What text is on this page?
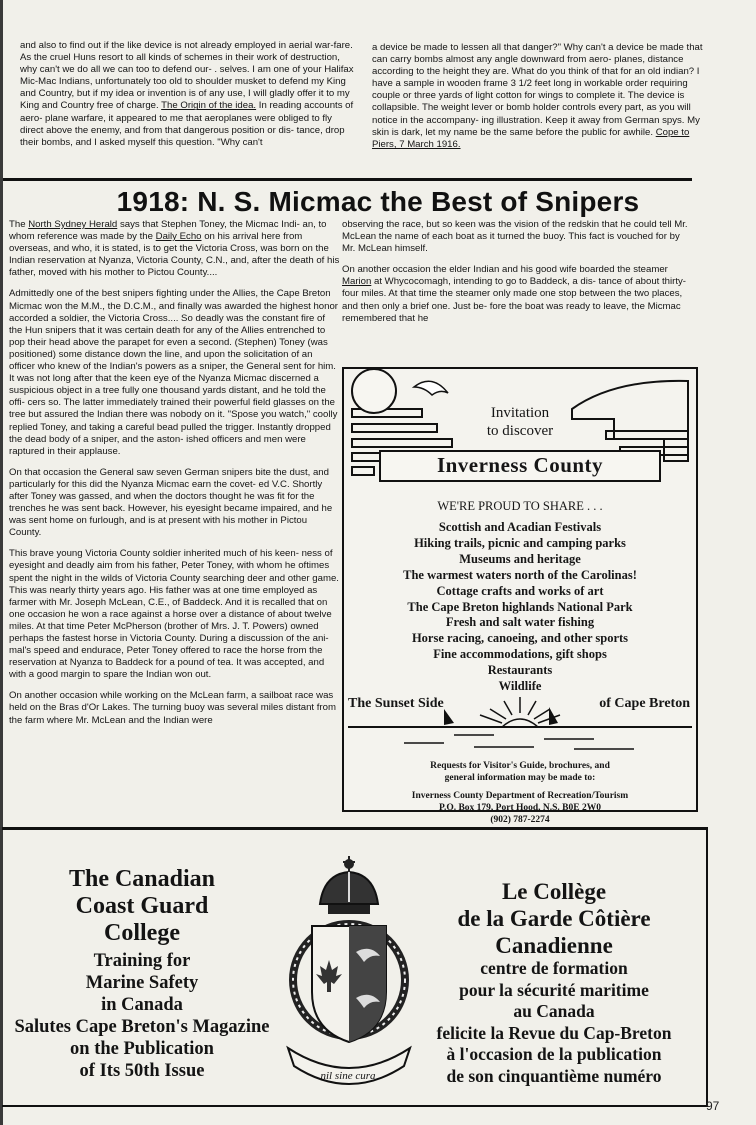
and also to find out if the like device is not already employed in aerial war-fare. As the cruel Huns resort to all kinds of schemes in their work of destruction, why can't we do all we can too to defend our- . selves. I am one of your Halifax Mic-Mac Indians, unfortunately too old to shoulder musket to defend my King and Country, but if my idea or invention is of any use, I will gladly offer it to my King and Country free of charge. The Origin of the idea. In reading accounts of aero- plane warfare, it appeared to me that aeroplanes were obliged to fly direct above the enemy, and from that dangerous position or dis- tance, drop their bombs, and I asked myself this question. "Why can't

a device be made to lessen all that danger?" Why can't a device be made that can carry bombs almost any angle downward from aero- planes, distance according to the height they are. What do you think of that for an old indian? I have a sample in wooden frame 3 1/2 feet long in workable order requiring couple or three yards of light cotton for wings to complete it. The device is collapsible. The weight lever or bomb holder controls every part, as you will notice in the accompany- ing illustration. Keep it away from German spys. My skin is dark, let my name be the same before the public for awhile. Cope to Piers, 7 March 1916.

1918: N. S. Micmac the Best of Snipers

The North Sydney Herald says that Stephen Toney, the Micmac Indi- an, to whom reference was made by the Daily Echo on his arrival here from overseas, and who, it is stated, is to get the Victoria Cross, was born on the Indian reservation at Nyanza, Victoria County, C.N., and, after the death of his father, moved with his mother to Pictou County....

Admittedly one of the best snipers fighting under the Allies, the Cape Breton Micmac won the M.M., the D.C.M., and finally was awarded the highest honor accorded a soldier, the Victoria Cross.... So deadly was the constant fire of the Hun snipers that it was certain death for any of the Allies entrenched to pop their head above the parapet for even a second. (Stephen) Toney (was positioned) some distance down the line, and upon the solicitation of an officer who knew of the Indian's powers as a sniper, the General sent for him. It was not long after that the keen eye of the Nyanza Micmac discerned a suspicious object in a tree fully one thousand yards distant, and he told the offi- cers so. The latter immediately trained their powerful field glasses on the tree but assured the Indian there was nobody on it. "Spose you watch," coolly replied Toney, and taking a careful bead pulled the trigger. Instantly dropped the dead body of a sniper, and the aston- ished officers and men were raptured in their applause.

On that occasion the General saw seven German snipers bite the dust, and particularly for this did the Nyanza Micmac earn the covet- ed V.C. Shortly after Toney was gassed, and when the doctors thought he was fit for the trenches he was sent back. However, his eyesight became impaired, and he was sent home on furlough, and is at present with his mother in Pictou County.

This brave young Victoria County soldier inherited much of his keen- ness of eyesight and deadly aim from his father, Peter Toney, with whom he oftimes spent the night in the wilds of Victoria County searching deer and other game. This was nearly thirty years ago. His father was at one time employed as farmer with Mr. Joseph McLean, C.E., of Baddeck. And it is recalled that on one occasion he won a race against a horse over a distance of about twelve miles. At that time Peter McPherson (brother of Mrs. J. T. Powers) owned perhaps the fastest horse in Victoria County. During a discussion of the ani- mal's speed and endurace, Peter Toney offered to race the horse from the reservation at Nyanza to Baddeck for a pound of tea. It was accepted, and with a good margin to spare the Indian won out.

On another occasion while working on the McLean farm, a sailboat race was held on the Bras d'Or Lakes. The turning buoy was several miles distant from the farm where Mr. McLean and the Indian were

observing the race, but so keen was the vision of the redskin that he could tell Mr. McLean the name of each boat as it turned the buoy. This fact is vouched for by Mr. McLean himself.

On another occasion the elder Indian and his good wife boarded the steamer Marion at Whycocomagh, intending to go to Baddeck, a dis- tance of about thirty-four miles. At that time the steamer only made one stop between the two places, and then only a brief one. Just be- fore the boat was ready to leave, the Micmac remembered that he

Invitation
to discover
Inverness County
WE'RE PROUD TO SHARE . . .
Scottish and Acadian Festivals
Hiking trails, picnic and camping parks
Museums and heritage
The warmest waters north of the Carolinas!
Cottage crafts and works of art
The Cape Breton highlands National Park
Fresh and salt water fishing
Horse racing, canoeing, and other sports
Fine accommodations, gift shops
Restaurants
Wildlife
The Sunset Side	of Cape Breton
Requests for Visitor's Guide, brochures, and
general information may be made to:
Inverness County Department of Recreation/Tourism
P.O. Box 179, Port Hood, N.S. B0E 2W0
(902) 787-2274
The Canadian
Coast Guard
College
Training for
Marine Safety
in Canada
Salutes Cape Breton's Magazine
on the Publication
of Its 50th Issue	nil sine cura
Le Collège
de la Garde Côtière
Canadienne
centre de formation
pour la sécurité maritime
au Canada
felicite la Revue du Cap-Breton
à l'occasion de la publication
de son cinquantième numéro
97
